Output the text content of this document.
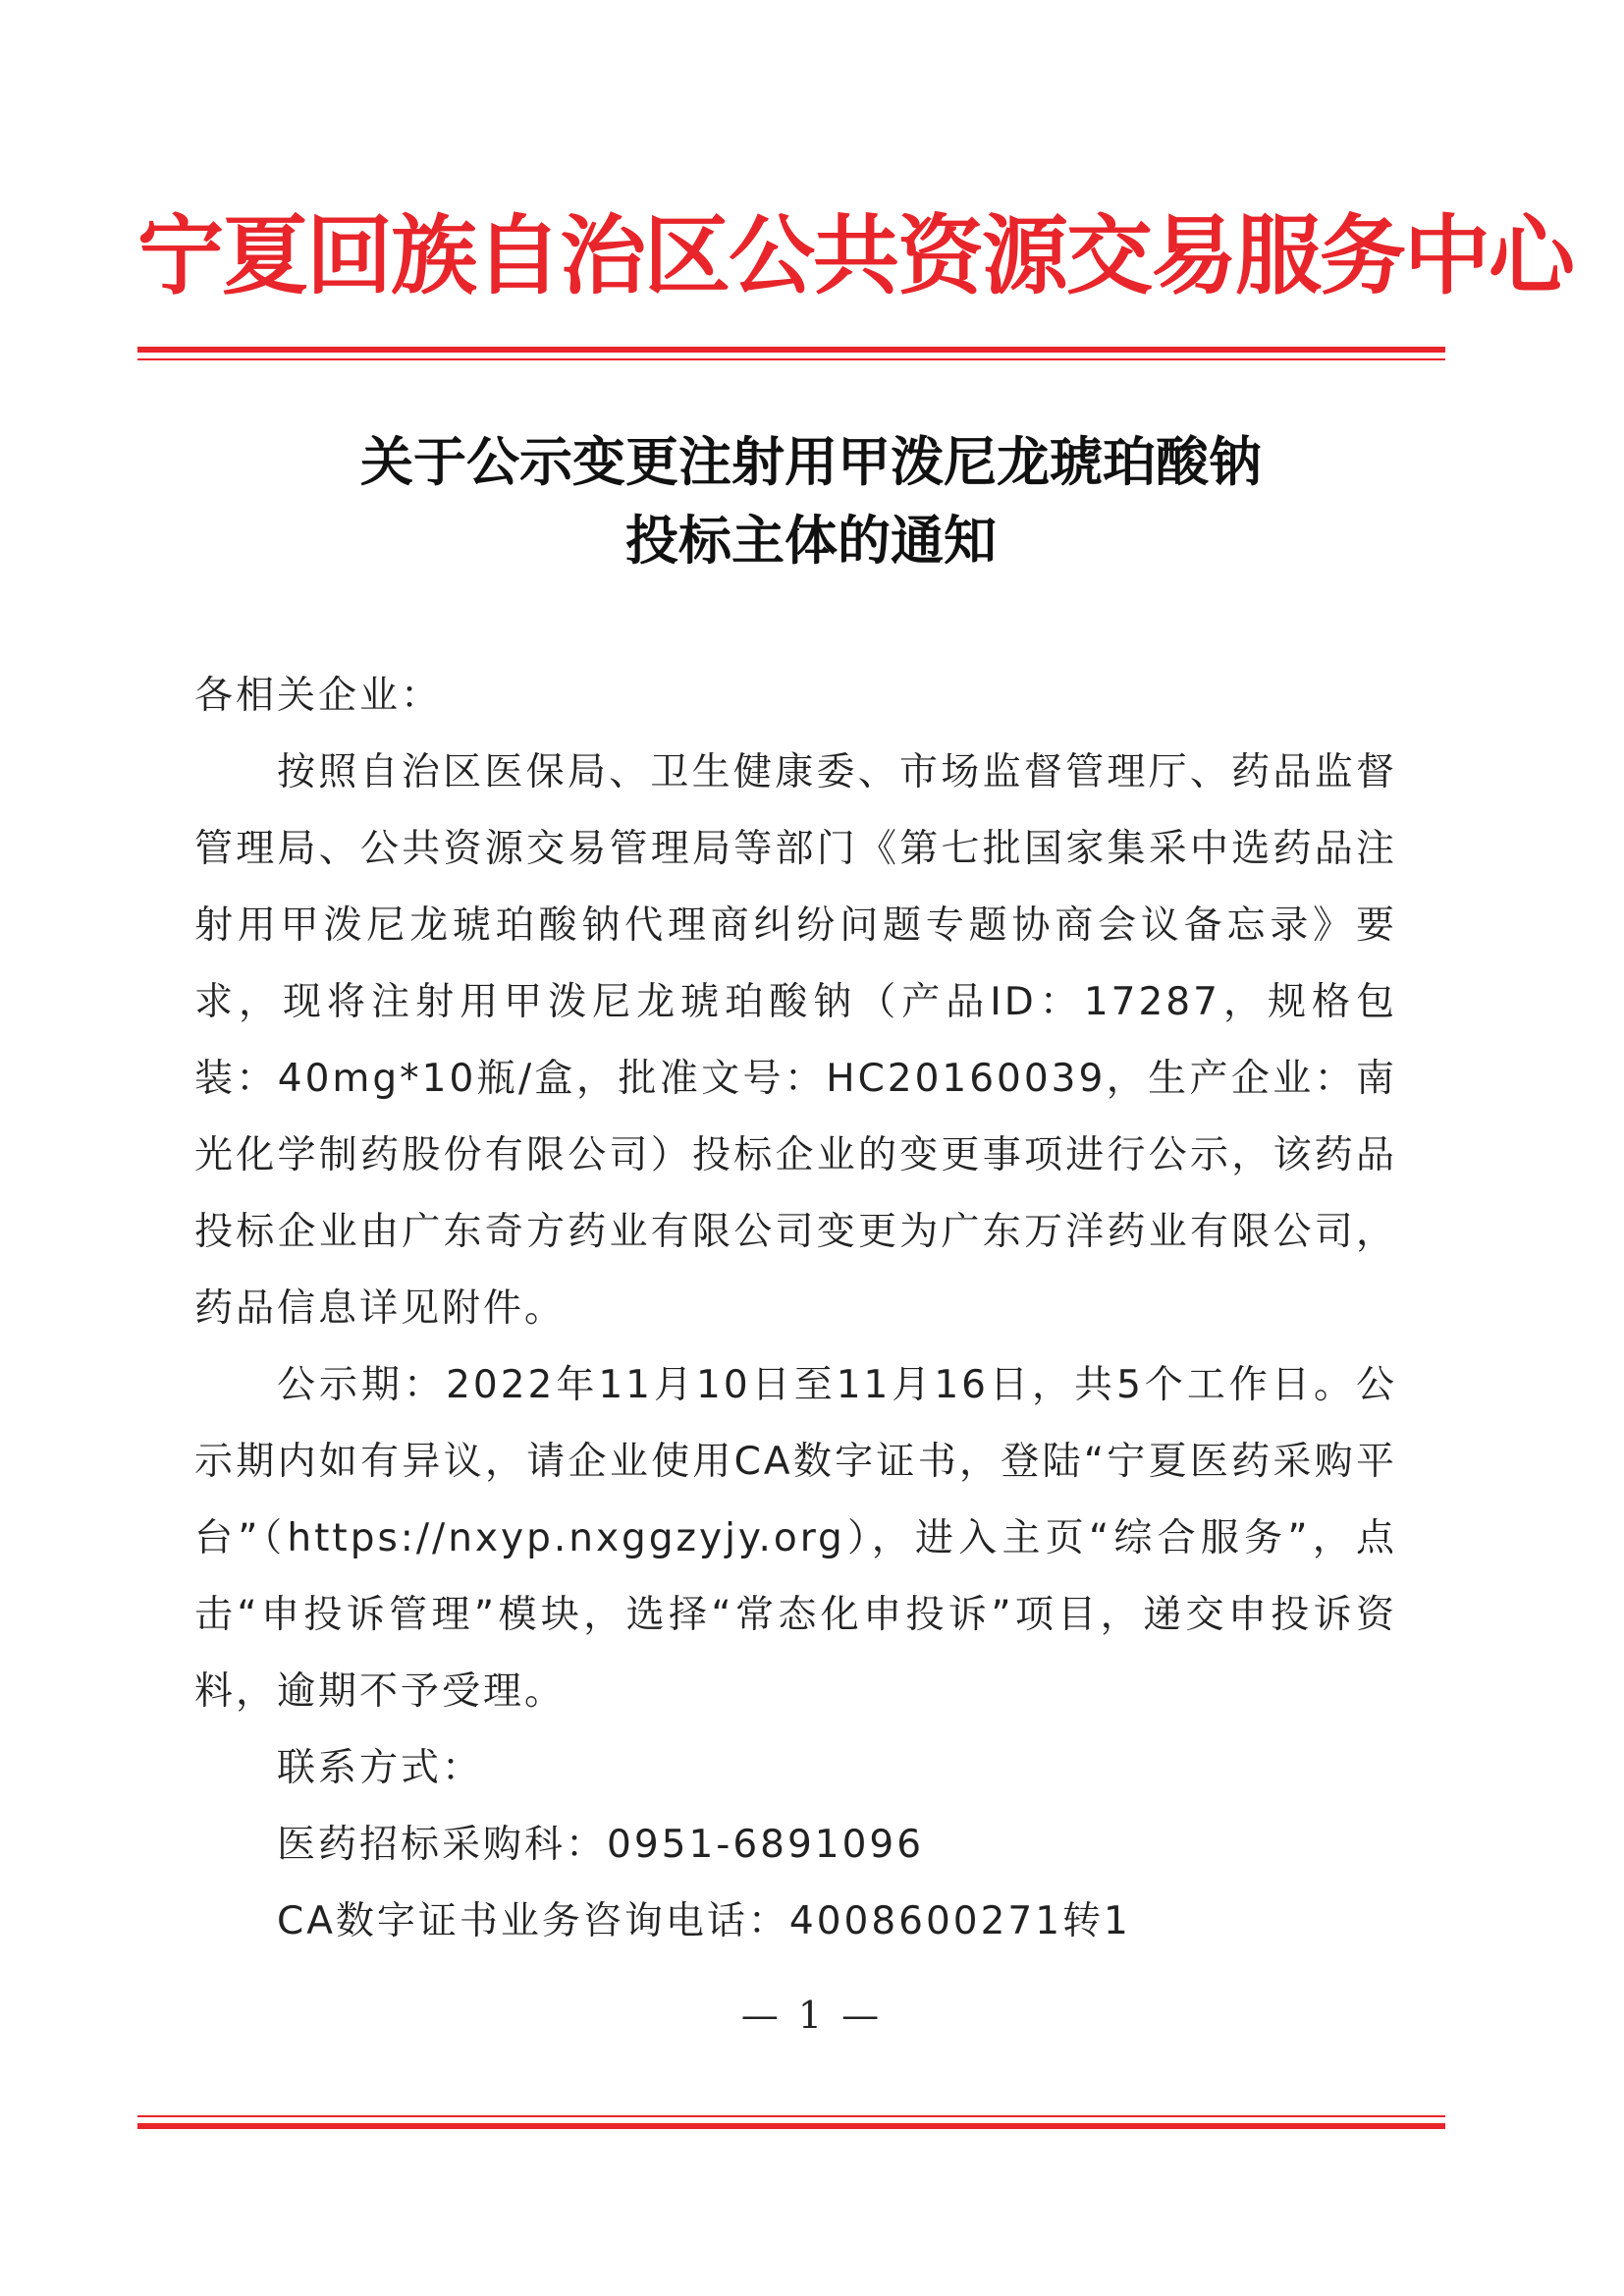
宁夏回族自治区公共资源交易服务中心
关于公示变更注射用甲泼尼龙琥珀酸钠
投标主体的通知

各相关企业：

按照自治区医保局、卫生健康委、市场监督管理厅、药品监督管理局、公共资源交易管理局等部门《第七批国家集采中选药品注射用甲泼尼龙琥珀酸钠代理商纠纷问题专题协商会议备忘录》要求，现将注射用甲泼尼龙琥珀酸钠（产品ID：17287，规格包装：40mg*10瓶/盒，批准文号：HC20160039，生产企业：南光化学制药股份有限公司）投标企业的变更事项进行公示，该药品投标企业由广东奇方药业有限公司变更为广东万洋药业有限公司，药品信息详见附件。

公示期：2022年11月10日至11月16日，共5个工作日。公示期内如有异议，请企业使用CA数字证书，登陆“宁夏医药采购平台”（https://nxyp.nxggzyjy.org），进入主页“综合服务”，点击“申投诉管理”模块，选择“常态化申投诉”项目，递交申投诉资料，逾期不予受理。

联系方式：

医药招标采购科：0951-6891096

CA数字证书业务咨询电话：4008600271转1

— 1 —
